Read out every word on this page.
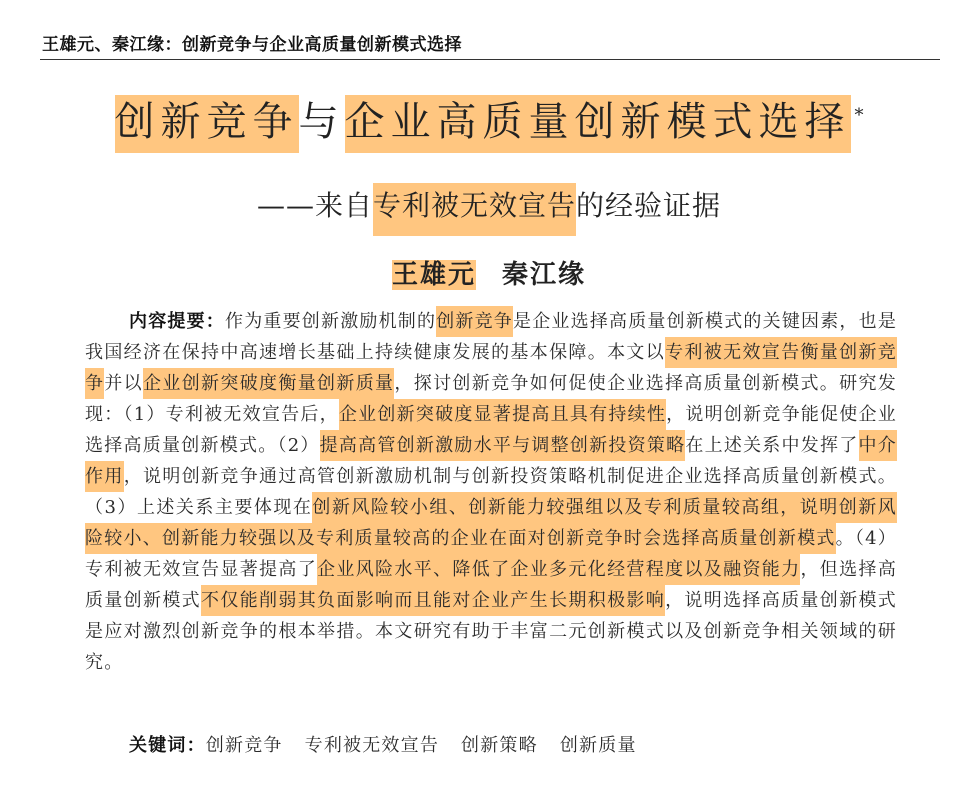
王雄元、秦江缘：创新竞争与企业高质量创新模式选择
创新竞争与企业高质量创新模式选择 *
——来自专利被无效宣告的经验证据
王雄元 秦江缘
内容提要：作为重要创新激励机制的创新竞争是企业选择高质量创新模式的关键因素，也是我国经济在保持中高速增长基础上持续健康发展的基本保障。本文以专利被无效宣告衡量创新竞争并以企业创新突破度衡量创新质量，探讨创新竞争如何促使企业选择高质量创新模式。研究发现：（1）专利被无效宣告后，企业创新突破度显著提高且具有持续性，说明创新竞争能促使企业选择高质量创新模式。（2）提高高管创新激励水平与调整创新投资策略在上述关系中发挥了中介作用，说明创新竞争通过高管创新激励机制与创新投资策略机制促进企业选择高质量创新模式。（3）上述关系主要体现在创新风险较小组、创新能力较强组以及专利质量较高组，说明创新风险较小、创新能力较强以及专利质量较高的企业在面对创新竞争时会选择高质量创新模式。（4）专利被无效宣告显著提高了企业风险水平、降低了企业多元化经营程度以及融资能力，但选择高质量创新模式不仅能削弱其负面影响而且能对企业产生长期积极影响，说明选择高质量创新模式是应对激烈创新竞争的根本举措。本文研究有助于丰富二元创新模式以及创新竞争相关领域的研究。
关键词：创新竞争 专利被无效宣告 创新策略 创新质量
